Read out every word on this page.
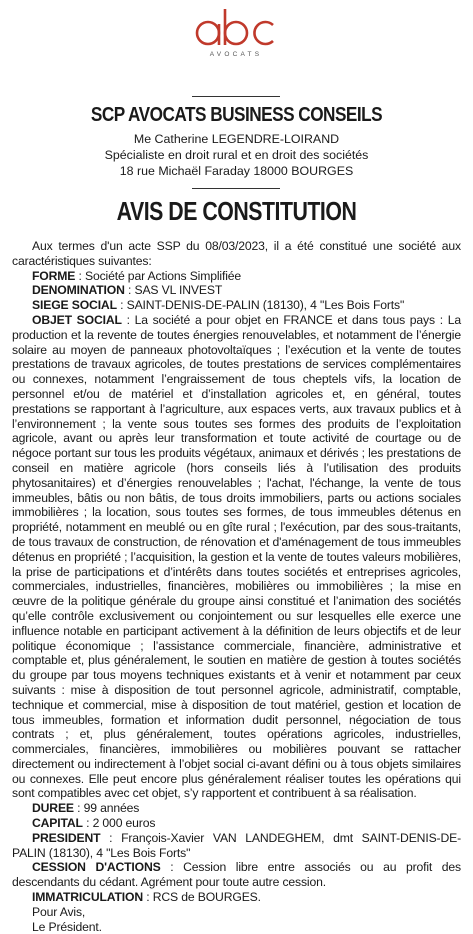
AVOCATS
SCP AVOCATS BUSINESS CONSEILS
Me Catherine LEGENDRE-LOIRAND
Spécialiste en droit rural et en droit des sociétés
18 rue Michaël Faraday 18000 BOURGES
AVIS DE CONSTITUTION

Aux termes d'un acte SSP du 08/03/2023, il a été constitué une société aux caractéristiques suivantes:

FORME : Société par Actions Simplifiée

DENOMINATION : SAS VL INVEST

SIEGE SOCIAL : SAINT-DENIS-DE-PALIN (18130), 4 "Les Bois Forts"

OBJET SOCIAL : La société a pour objet en FRANCE et dans tous pays : La production et la revente de toutes énergies renouvelables, et notamment de l’énergie solaire au moyen de panneaux photovoltaïques ; l’exécution et la vente de toutes prestations de travaux agricoles, de toutes prestations de services complémentaires ou connexes, notamment l’engraissement de tous cheptels vifs, la location de personnel et/ou de matériel et d’installation agricoles et, en général, toutes prestations se rapportant à l’agriculture, aux espaces verts, aux travaux publics et à l’environnement ; la vente sous toutes ses formes des produits de l’exploitation agricole, avant ou après leur transformation et toute activité de courtage ou de négoce portant sur tous les produits végétaux, animaux et dérivés ; les prestations de conseil en matière agricole (hors conseils liés à l’utilisation des produits phytosanitaires) et d’énergies renouvelables ; l'achat, l'échange, la vente de tous immeubles, bâtis ou non bâtis, de tous droits immobiliers, parts ou actions sociales immobilières ; la location, sous toutes ses formes, de tous immeubles détenus en propriété, notamment en meublé ou en gîte rural ; l'exécution, par des sous-traitants, de tous travaux de construction, de rénovation et d'aménagement de tous immeubles détenus en propriété ; l’acquisition, la gestion et la vente de toutes valeurs mobilières, la prise de participations et d’intérêts dans toutes sociétés et entreprises agricoles, commerciales, industrielles, financières, mobilières ou immobilières ; la mise en œuvre de la politique générale du groupe ainsi constitué et l’animation des sociétés qu’elle contrôle exclusivement ou conjointement ou sur lesquelles elle exerce une influence notable en participant activement à la définition de leurs objectifs et de leur politique économique ; l’assistance commerciale, financière, administrative et comptable et, plus généralement, le soutien en matière de gestion à toutes sociétés du groupe par tous moyens techniques existants et à venir et notamment par ceux suivants : mise à disposition de tout personnel agricole, administratif, comptable, technique et commercial, mise à disposition de tout matériel, gestion et location de tous immeubles, formation et information dudit personnel, négociation de tous contrats ; et, plus généralement, toutes opérations agricoles, industrielles, commerciales, financières, immobilières ou mobilières pouvant se rattacher directement ou indirectement à l’objet social ci-avant défini ou à tous objets similaires ou connexes. Elle peut encore plus généralement réaliser toutes les opérations qui sont compatibles avec cet objet, s’y rapportent et contribuent à sa réalisation.

DUREE : 99 années

CAPITAL : 2 000 euros

PRESIDENT : François-Xavier VAN LANDEGHEM, dmt SAINT-DENIS-DE-PALIN (18130), 4 "Les Bois Forts"

CESSION D'ACTIONS : Cession libre entre associés ou au profit des descendants du cédant. Agrément pour toute autre cession.

IMMATRICULATION : RCS de BOURGES.

Pour Avis,

Le Président.
